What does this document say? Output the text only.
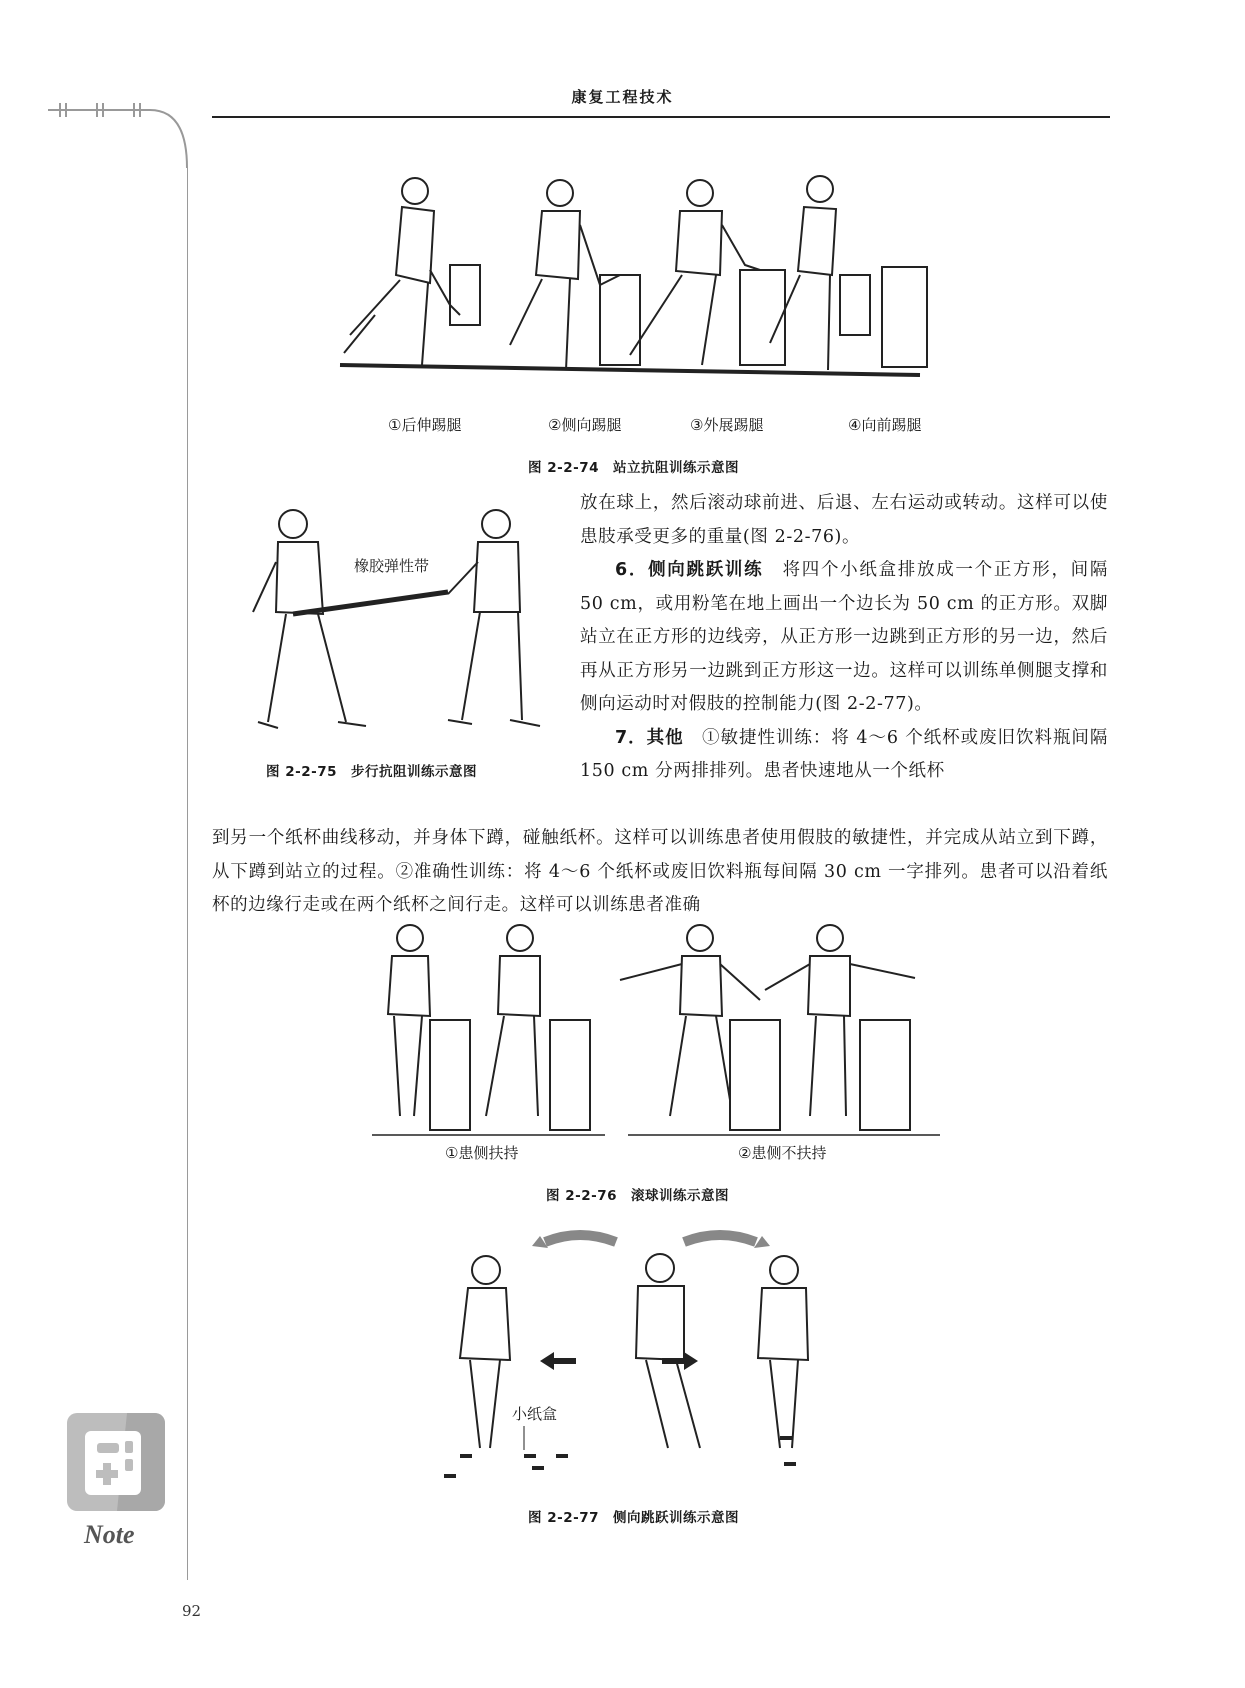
康复工程技术
①后伸踢腿	②侧向踢腿	③外展踢腿	④向前踢腿
图 2-2-74　站立抗阻训练示意图
橡胶弹性带
图 2-2-75　步行抗阻训练示意图

放在球上，然后滚动球前进、后退、左右运动或转动。这样可以使患肢承受更多的重量(图 2-2-76)。

6．侧向跳跃训练　 将四个小纸盒排放成一个正方形，间隔 50 cm，或用粉笔在地上画出一个边长为 50 cm 的正方形。双脚站立在正方形的边线旁，从正方形一边跳到正方形的另一边，然后再从正方形另一边跳到正方形这一边。这样可以训练单侧腿支撑和侧向运动时对假肢的控制能力(图 2-2-77)。

7．其他　 ①敏捷性训练：将 4～6 个纸杯或废旧饮料瓶间隔 150 cm 分两排排列。患者快速地从一个纸杯

到另一个纸杯曲线移动，并身体下蹲，碰触纸杯。这样可以训练患者使用假肢的敏捷性，并完成从站立到下蹲，从下蹲到站立的过程。②准确性训练：将 4～6 个纸杯或废旧饮料瓶每间隔 30 cm 一字排列。患者可以沿着纸杯的边缘行走或在两个纸杯之间行走。这样可以训练患者准确

①患侧扶持	②患侧不扶持
图 2-2-76　滚球训练示意图
小纸盒
图 2-2-77　侧向跳跃训练示意图
Note
92
